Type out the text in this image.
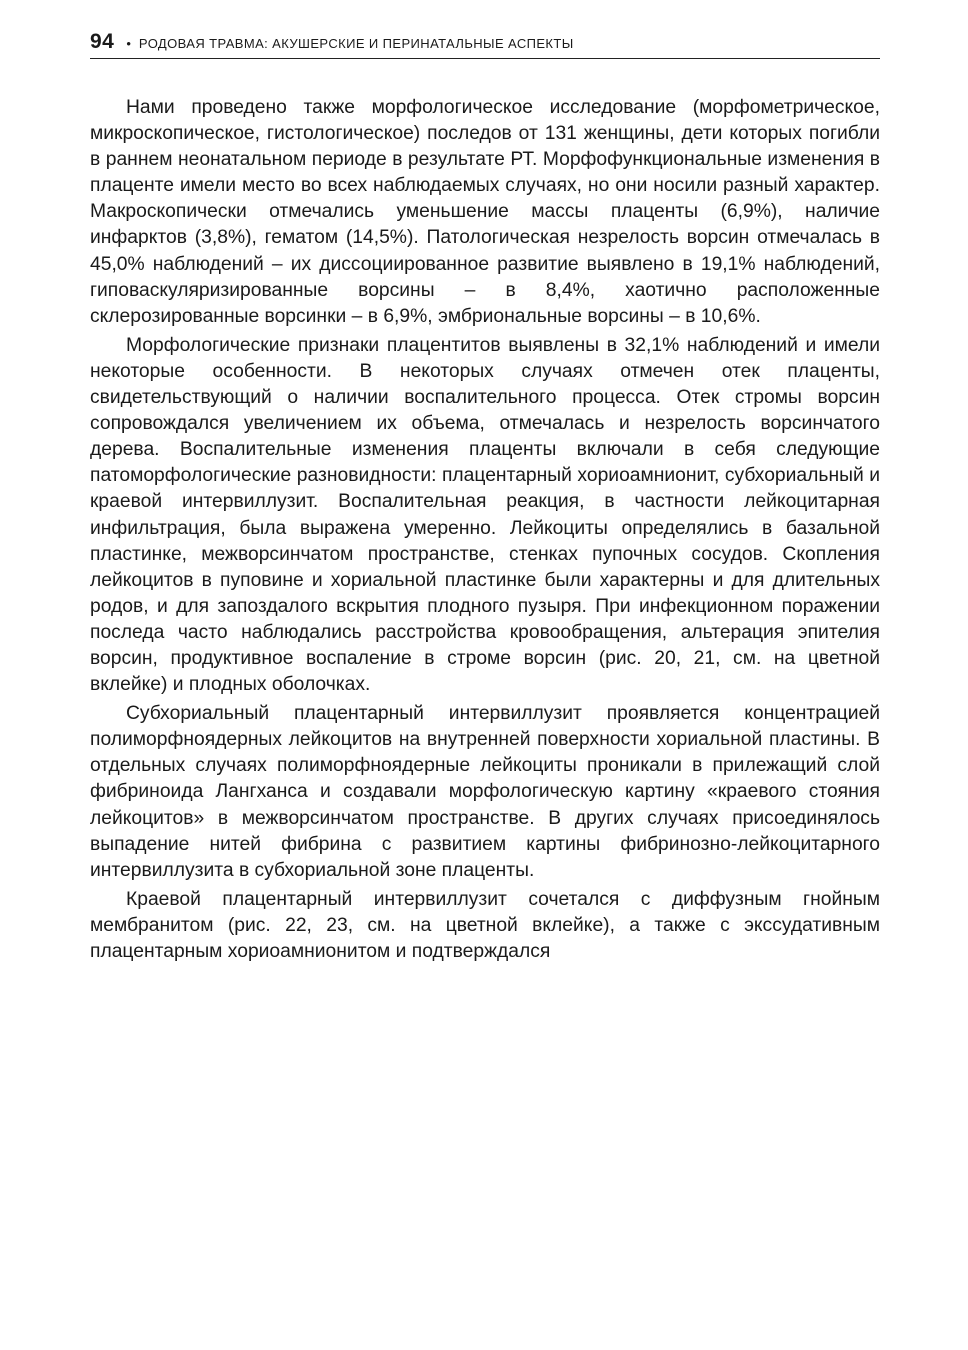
94 • РОДОВАЯ ТРАВМА: АКУШЕРСКИЕ И ПЕРИНАТАЛЬНЫЕ АСПЕКТЫ

Нами проведено также морфологическое исследование (морфометрическое, микроскопическое, гистологическое) последов от 131 женщины, дети которых погибли в раннем неонатальном периоде в результате РТ. Морфофункциональные изменения в плаценте имели место во всех наблюдаемых случаях, но они носили разный характер. Макроскопически отмечались уменьшение массы плаценты (6,9%), наличие инфарктов (3,8%), гематом (14,5%). Патологическая незрелость ворсин отмечалась в 45,0% наблюдений – их диссоциированное развитие выявлено в 19,1% наблюдений, гиповаскуляризированные ворсины – в 8,4%, хаотично расположенные склерозированные ворсинки – в 6,9%, эмбриональные ворсины – в 10,6%.

Морфологические признаки плацентитов выявлены в 32,1% наблюдений и имели некоторые особенности. В некоторых случаях отмечен отек плаценты, свидетельствующий о наличии воспалительного процесса. Отек стромы ворсин сопровождался увеличением их объема, отмечалась и незрелость ворсинчатого дерева. Воспалительные изменения плаценты включали в себя следующие патоморфологические разновидности: плацентарный хориоамнионит, субхориальный и краевой интервиллузит. Воспалительная реакция, в частности лейкоцитарная инфильтрация, была выражена умеренно. Лейкоциты определялись в базальной пластинке, межворсинчатом пространстве, стенках пупочных сосудов. Скопления лейкоцитов в пуповине и хориальной пластинке были характерны и для длительных родов, и для запоздалого вскрытия плодного пузыря. При инфекционном поражении последа часто наблюдались расстройства кровообращения, альтерация эпителия ворсин, продуктивное воспаление в строме ворсин (рис. 20, 21, см. на цветной вклейке) и плодных оболочках.

Субхориальный плацентарный интервиллузит проявляется концентрацией полиморфноядерных лейкоцитов на внутренней поверхности хориальной пластины. В отдельных случаях полиморфноядерные лейкоциты проникали в прилежащий слой фибриноида Лангханса и создавали морфологическую картину «краевого стояния лейкоцитов» в межворсинчатом пространстве. В других случаях присоединялось выпадение нитей фибрина с развитием картины фибринозно-лейкоцитарного интервиллузита в субхориальной зоне плаценты.

Краевой плацентарный интервиллузит сочетался с диффузным гнойным мембранитом (рис. 22, 23, см. на цветной вклейке), а также с экссудативным плацентарным хориоамнионитом и подтверждался
